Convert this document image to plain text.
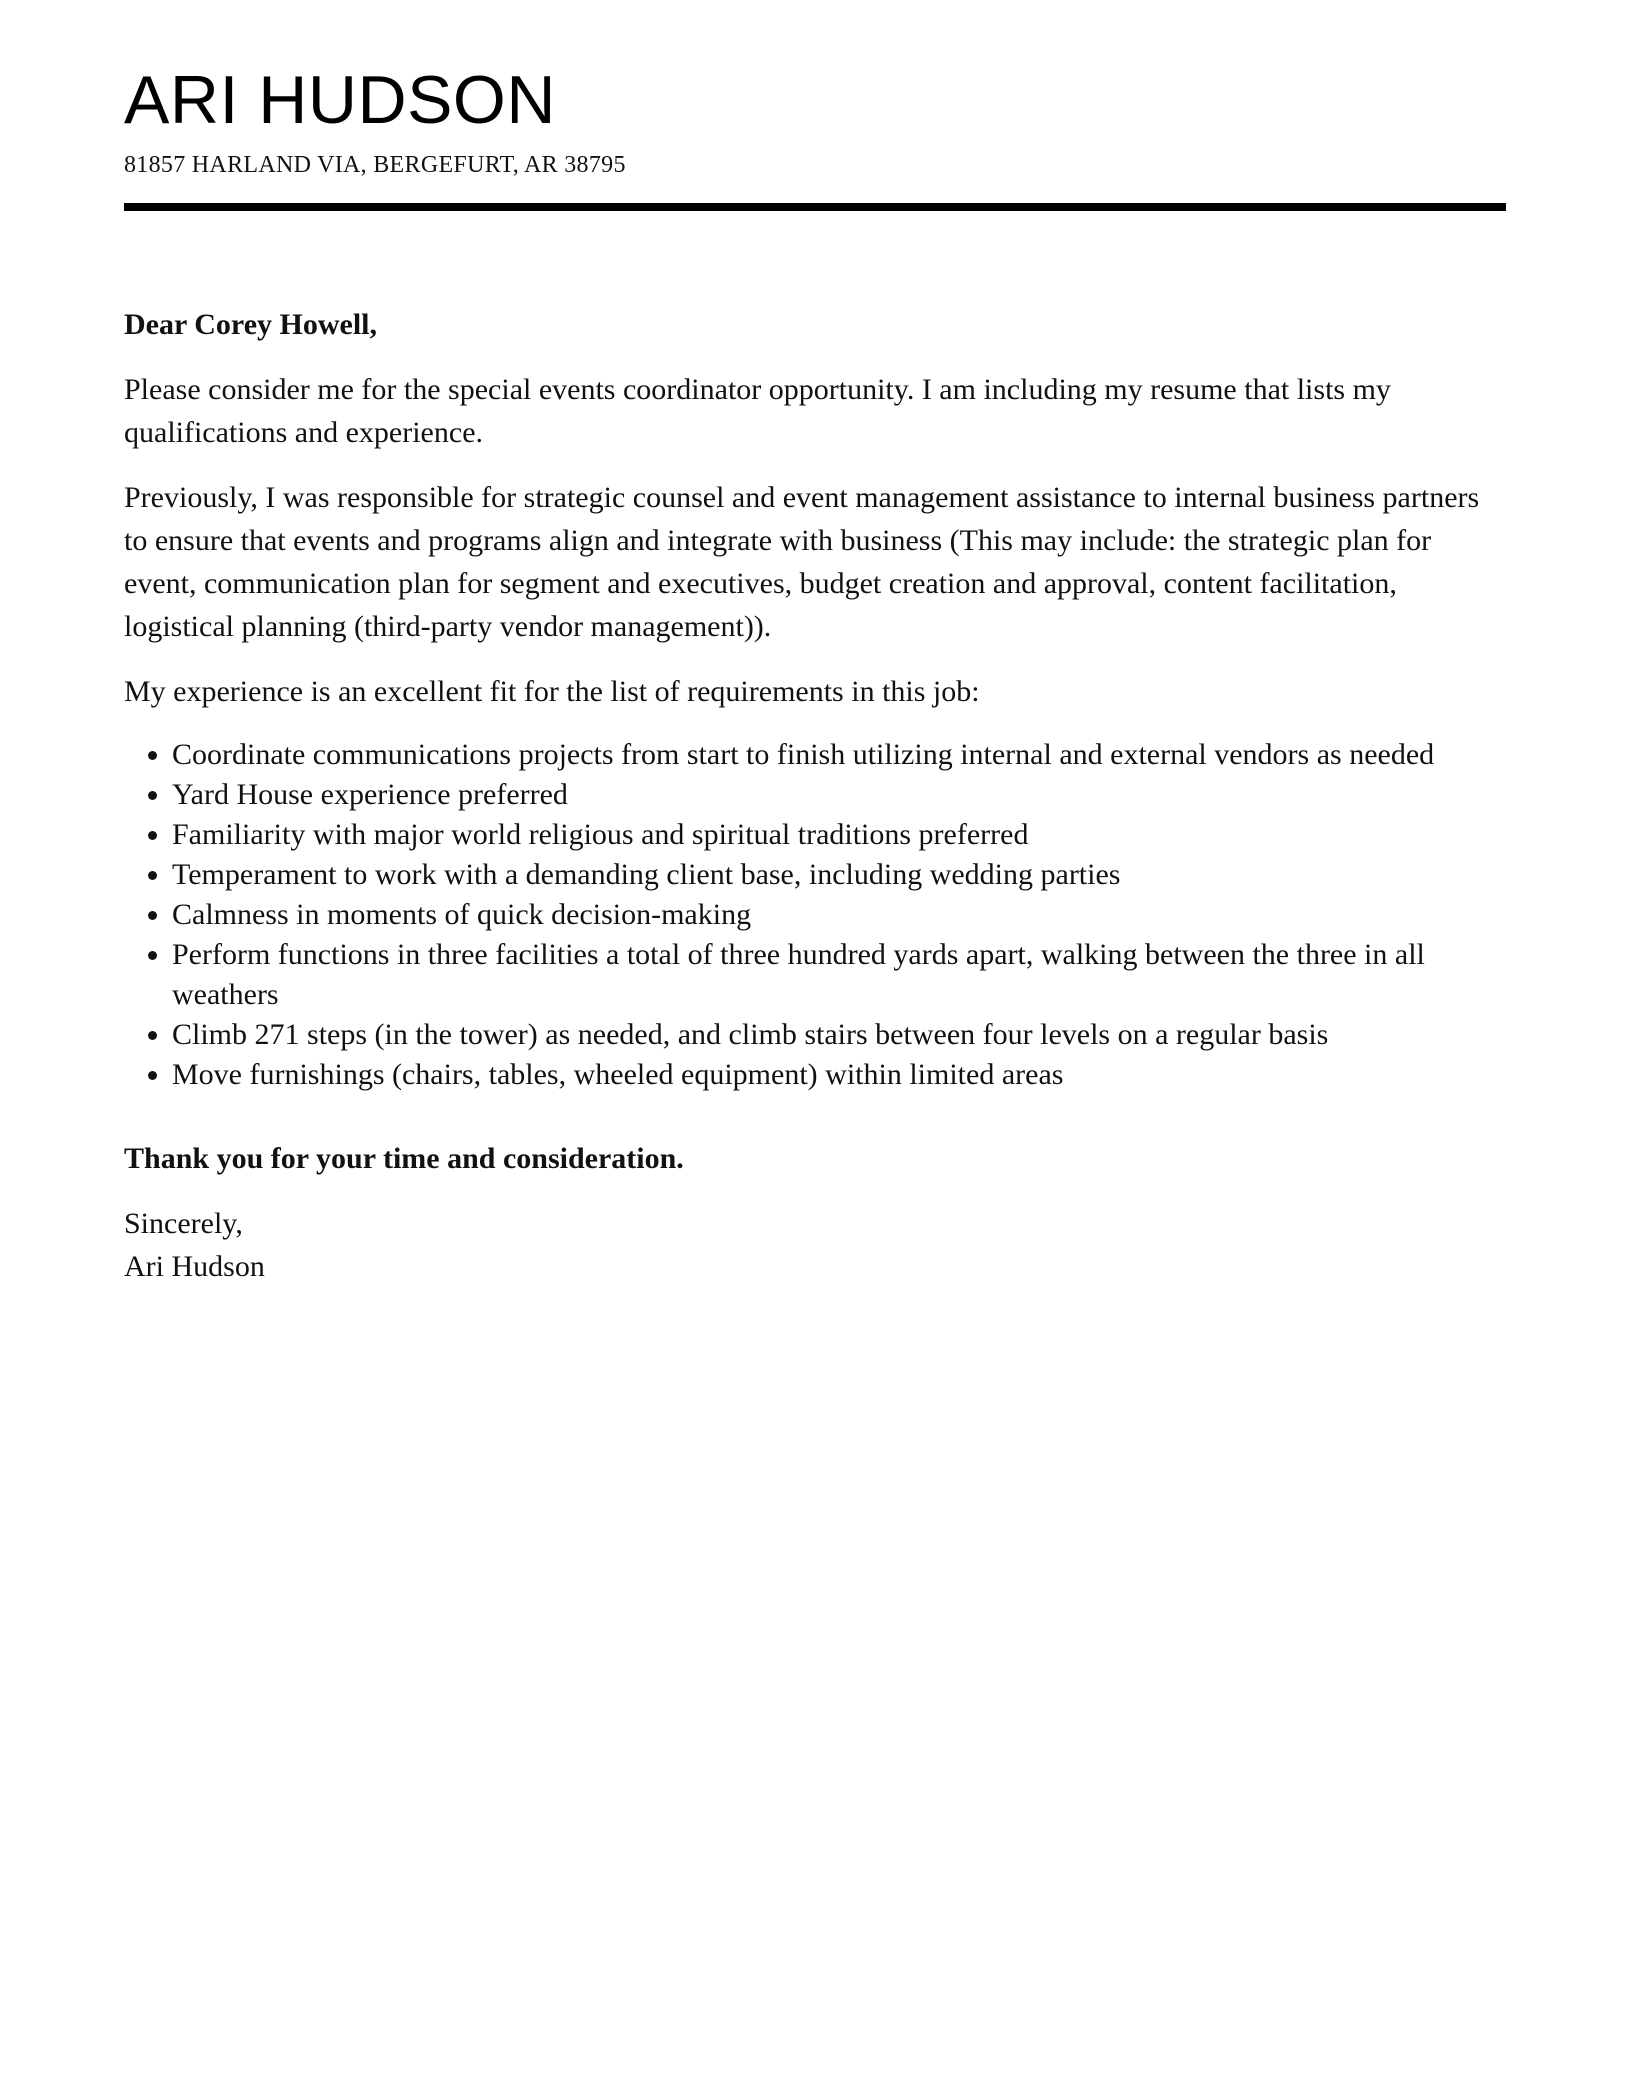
ARI HUDSON
81857 HARLAND VIA, BERGEFURT, AR 38795

Dear Corey Howell,

Please consider me for the special events coordinator opportunity. I am including my resume that lists my qualifications and experience.

Previously, I was responsible for strategic counsel and event management assistance to internal business partners to ensure that events and programs align and integrate with business (This may include: the strategic plan for event, communication plan for segment and executives, budget creation and approval, content facilitation, logistical planning (third-party vendor management)).

My experience is an excellent fit for the list of requirements in this job:

• Coordinate communications projects from start to finish utilizing internal and external vendors as needed
• Yard House experience preferred
• Familiarity with major world religious and spiritual traditions preferred
• Temperament to work with a demanding client base, including wedding parties
• Calmness in moments of quick decision-making
• Perform functions in three facilities a total of three hundred yards apart, walking between the three in all weathers
• Climb 271 steps (in the tower) as needed, and climb stairs between four levels on a regular basis
• Move furnishings (chairs, tables, wheeled equipment) within limited areas

Thank you for your time and consideration.

Sincerely,
Ari Hudson
